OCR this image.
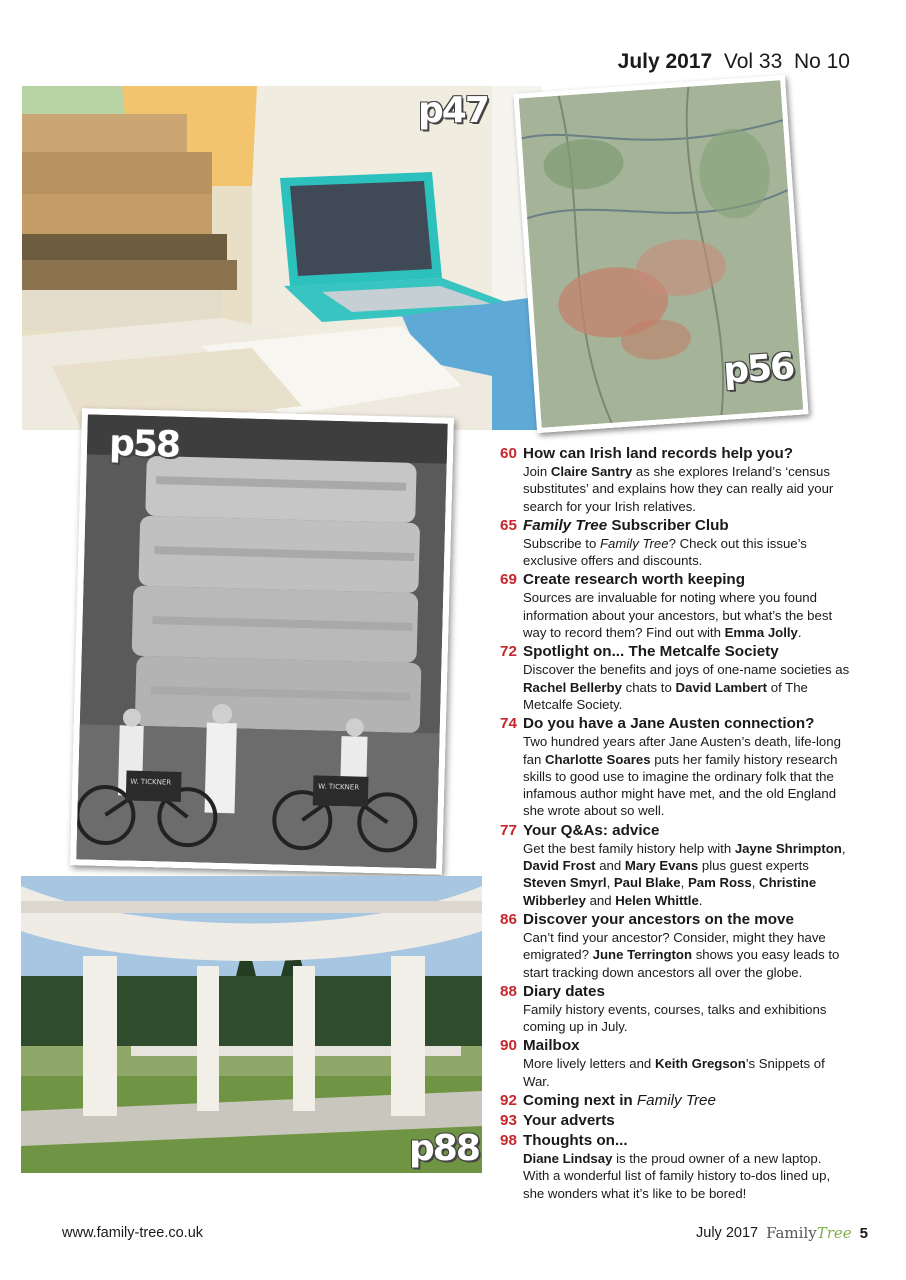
July 2017 Vol 33 No 10
p47
p56
W. TICKNER
W. TICKNER
p58
p88
60 How can Irish land records help you?
Join Claire Santry as she explores Ireland’s ‘census substitutes’ and explains how they can really aid your search for your Irish relatives.
65 Family Tree Subscriber Club
Subscribe to Family Tree? Check out this issue’s exclusive offers and discounts.
69 Create research worth keeping
Sources are invaluable for noting where you found information about your ancestors, but what’s the best way to record them? Find out with Emma Jolly.
72 Spotlight on... The Metcalfe Society
Discover the benefits and joys of one-name societies as Rachel Bellerby chats to David Lambert of The Metcalfe Society.
74 Do you have a Jane Austen connection?
Two hundred years after Jane Austen’s death, life-long fan Charlotte Soares puts her family history research skills to good use to imagine the ordinary folk that the infamous author might have met, and the old England she wrote about so well.
77 Your Q&As: advice
Get the best family history help with Jayne Shrimpton, David Frost and Mary Evans plus guest experts Steven Smyrl, Paul Blake, Pam Ross, Christine Wibberley and Helen Whittle.
86 Discover your ancestors on the move
Can’t find your ancestor? Consider, might they have emigrated? June Terrington shows you easy leads to start tracking down ancestors all over the globe.
88 Diary dates
Family history events, courses, talks and exhibitions coming up in July.
90 Mailbox
More lively letters and Keith Gregson’s Snippets of War.
92 Coming next in Family Tree
93 Your adverts
98 Thoughts on...
Diane Lindsay is the proud owner of a new laptop. With a wonderful list of family history to-dos lined up, she wonders what it’s like to be bored!
www.family-tree.co.uk	July 2017 FamilyTree 5
